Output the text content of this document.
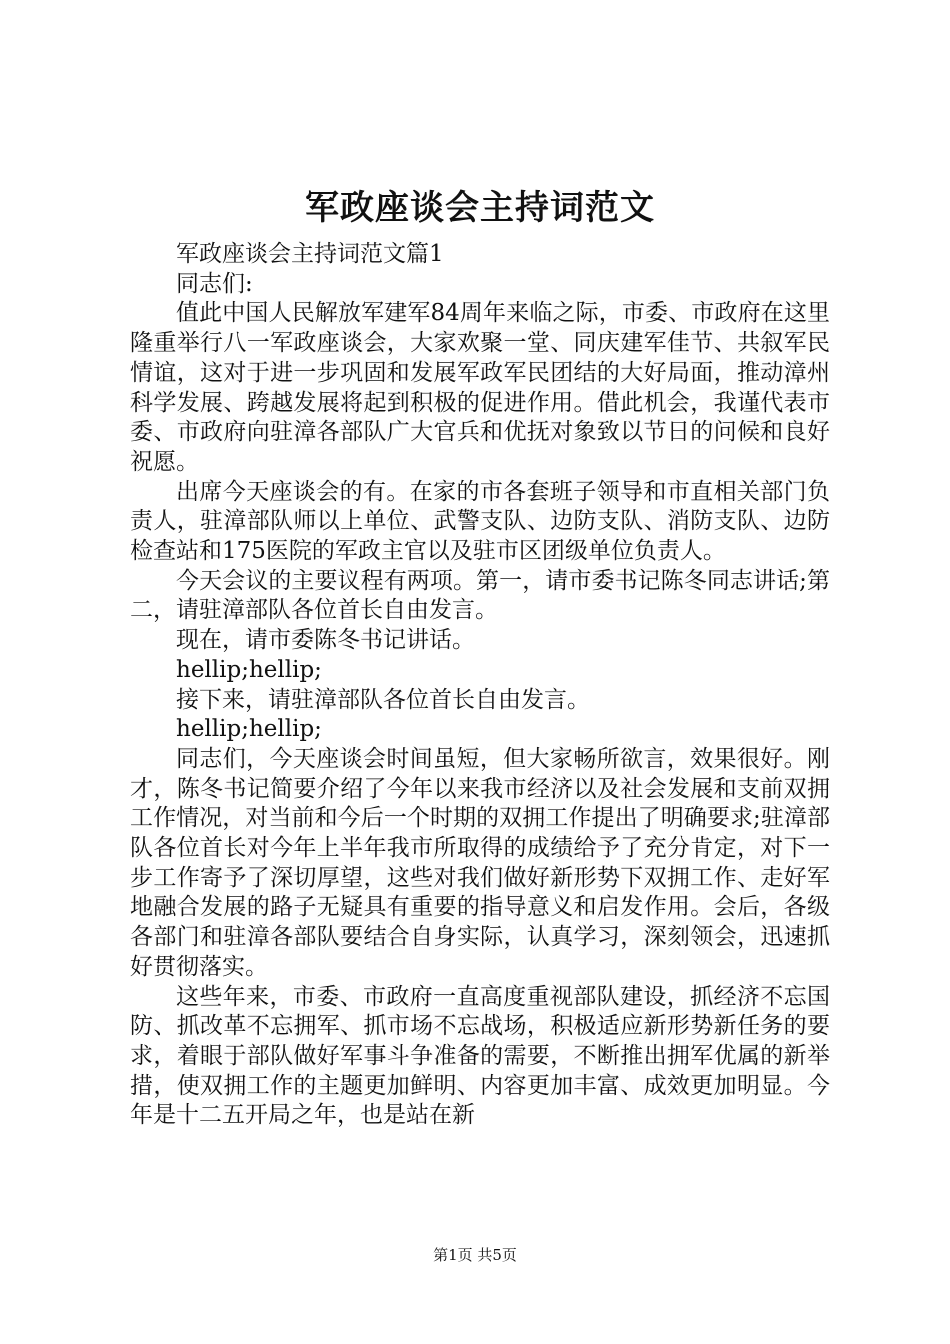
军政座谈会主持词范文

军政座谈会主持词范文篇1

同志们:

值此中国人民解放军建军84周年来临之际，市委、市政府在这里隆重举行八一军政座谈会，大家欢聚一堂、同庆建军佳节、共叙军民情谊，这对于进一步巩固和发展军政军民团结的大好局面，推动漳州科学发展、跨越发展将起到积极的促进作用。借此机会，我谨代表市委、市政府向驻漳各部队广大官兵和优抚对象致以节日的问候和良好祝愿。

出席今天座谈会的有。在家的市各套班子领导和市直相关部门负责人，驻漳部队师以上单位、武警支队、边防支队、消防支队、边防检查站和175医院的军政主官以及驻市区团级单位负责人。

今天会议的主要议程有两项。第一，请市委书记陈冬同志讲话;第二，请驻漳部队各位首长自由发言。

现在，请市委陈冬书记讲话。

hellip;hellip;

接下来，请驻漳部队各位首长自由发言。

hellip;hellip;

同志们，今天座谈会时间虽短，但大家畅所欲言，效果很好。刚才，陈冬书记简要介绍了今年以来我市经济以及社会发展和支前双拥工作情况，对当前和今后一个时期的双拥工作提出了明确要求;驻漳部队各位首长对今年上半年我市所取得的成绩给予了充分肯定，对下一步工作寄予了深切厚望，这些对我们做好新形势下双拥工作、走好军地融合发展的路子无疑具有重要的指导意义和启发作用。会后，各级各部门和驻漳各部队要结合自身实际，认真学习，深刻领会，迅速抓好贯彻落实。

这些年来，市委、市政府一直高度重视部队建设，抓经济不忘国防、抓改革不忘拥军、抓市场不忘战场，积极适应新形势新任务的要求，着眼于部队做好军事斗争准备的需要，不断推出拥军优属的新举措，使双拥工作的主题更加鲜明、内容更加丰富、成效更加明显。今年是十二五开局之年，也是站在新

第1页 共5页
